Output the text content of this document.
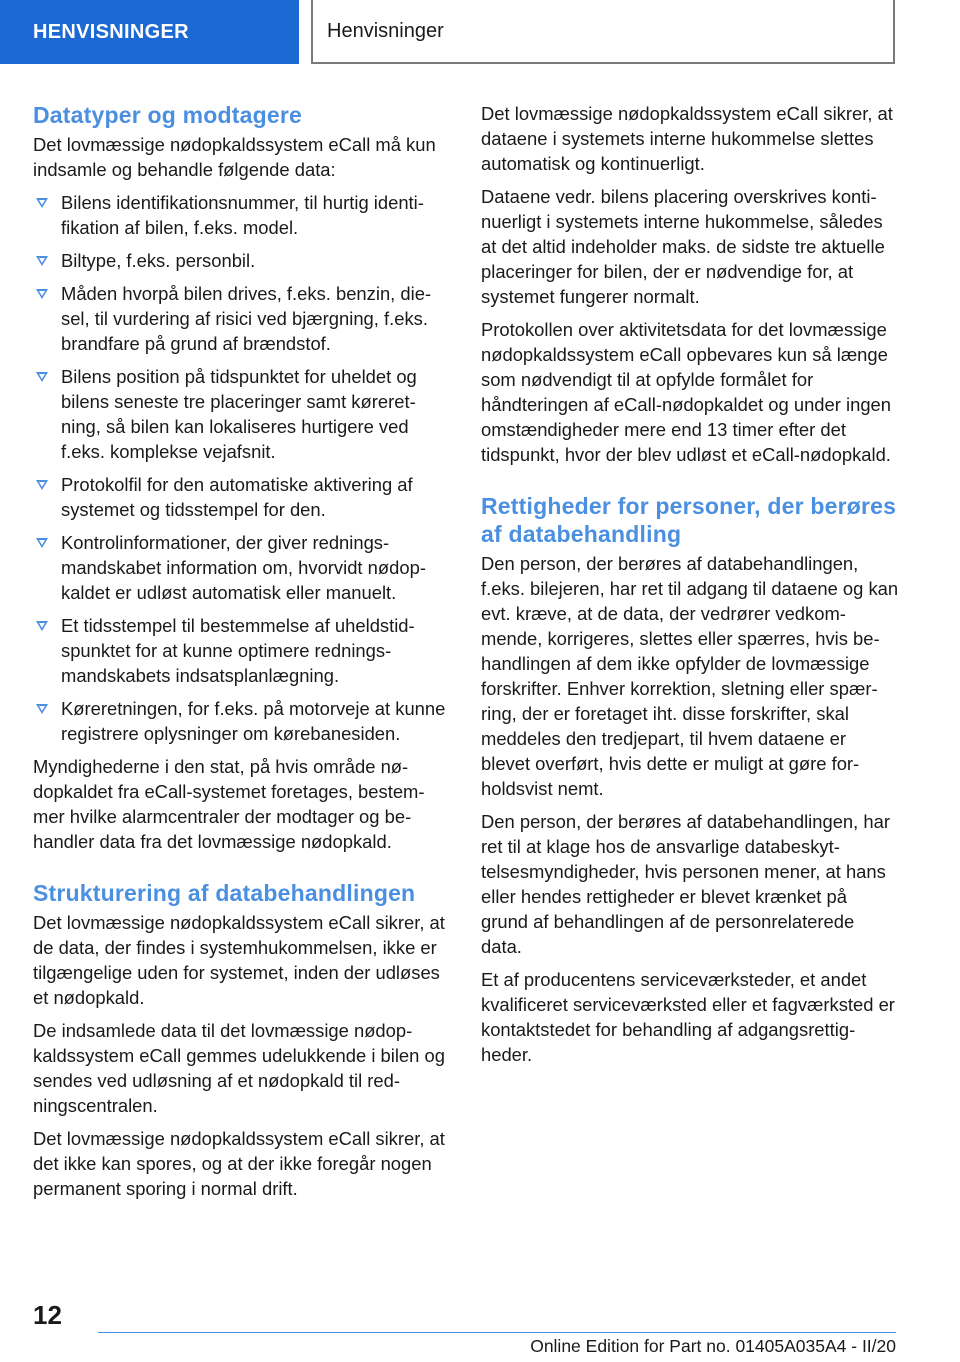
HENVISNINGER	Henvisninger
Datatyper og modtagere

Det lovmæssige nødopkaldssystem eCall må kun indsamle og behandle følgende data:

Bilens identifikationsnummer, til hurtig identifikation af bilen, f.eks. model.
Biltype, f.eks. personbil.
Måden hvorpå bilen drives, f.eks. benzin, diesel, til vurdering af risici ved bjærgning, f.eks. brandfare på grund af brændstof.
Bilens position på tidspunktet for uheldet og bilens seneste tre placeringer samt køreretning, så bilen kan lokaliseres hurtigere ved f.eks. komplekse vejafsnit.
Protokolfil for den automatiske aktivering af systemet og tidsstempel for den.
Kontrolinformationer, der giver redningsmandskabet information om, hvorvidt nødopkaldet er udløst automatisk eller manuelt.
Et tidsstempel til bestemmelse af uheldstidspunktet for at kunne optimere redningsmandskabets indsatsplanlægning.
Køreretningen, for f.eks. på motorveje at kunne registrere oplysninger om kørebanesiden.

Myndighederne i den stat, på hvis område nødopkaldet fra eCall-systemet foretages, bestemmer hvilke alarmcentraler der modtager og behandler data fra det lovmæssige nødopkald.

Strukturering af databehandlingen

Det lovmæssige nødopkaldssystem eCall sikrer, at de data, der findes i systemhukommelsen, ikke er tilgængelige uden for systemet, inden der udløses et nødopkald.

De indsamlede data til det lovmæssige nødopkaldssystem eCall gemmes udelukkende i bilen og sendes ved udløsning af et nødopkald til redningscentralen.

Det lovmæssige nødopkaldssystem eCall sikrer, at det ikke kan spores, og at der ikke foregår nogen permanent sporing i normal drift.

Det lovmæssige nødopkaldssystem eCall sikrer, at dataene i systemets interne hukommelse slettes automatisk og kontinuerligt.

Dataene vedr. bilens placering overskrives kontinuerligt i systemets interne hukommelse, således at det altid indeholder maks. de sidste tre aktuelle placeringer for bilen, der er nødvendige for, at systemet fungerer normalt.

Protokollen over aktivitetsdata for det lovmæssige nødopkaldssystem eCall opbevares kun så længe som nødvendigt til at opfylde formålet for håndteringen af eCall-nødopkaldet og under ingen omstændigheder mere end 13 timer efter det tidspunkt, hvor der blev udløst et eCall-nødopkald.

Rettigheder for personer, der berøres af databehandling

Den person, der berøres af databehandlingen, f.eks. bilejeren, har ret til adgang til dataene og kan evt. kræve, at de data, der vedrører vedkommende, korrigeres, slettes eller spærres, hvis behandlingen af dem ikke opfylder de lovmæssige forskrifter. Enhver korrektion, sletning eller spærring, der er foretaget iht. disse forskrifter, skal meddeles den tredjepart, til hvem dataene er blevet overført, hvis dette er muligt at gøre forholdsvist nemt.

Den person, der berøres af databehandlingen, har ret til at klage hos de ansvarlige databeskyttelsesmyndigheder, hvis personen mener, at hans eller hendes rettigheder er blevet krænket på grund af behandlingen af de personrelaterede data.

Et af producentens serviceværksteder, et andet kvalificeret serviceværksted eller et fagværksted er kontaktstedet for behandling af adgangsrettigheder.

12
Online Edition for Part no. 01405A035A4 - II/20
